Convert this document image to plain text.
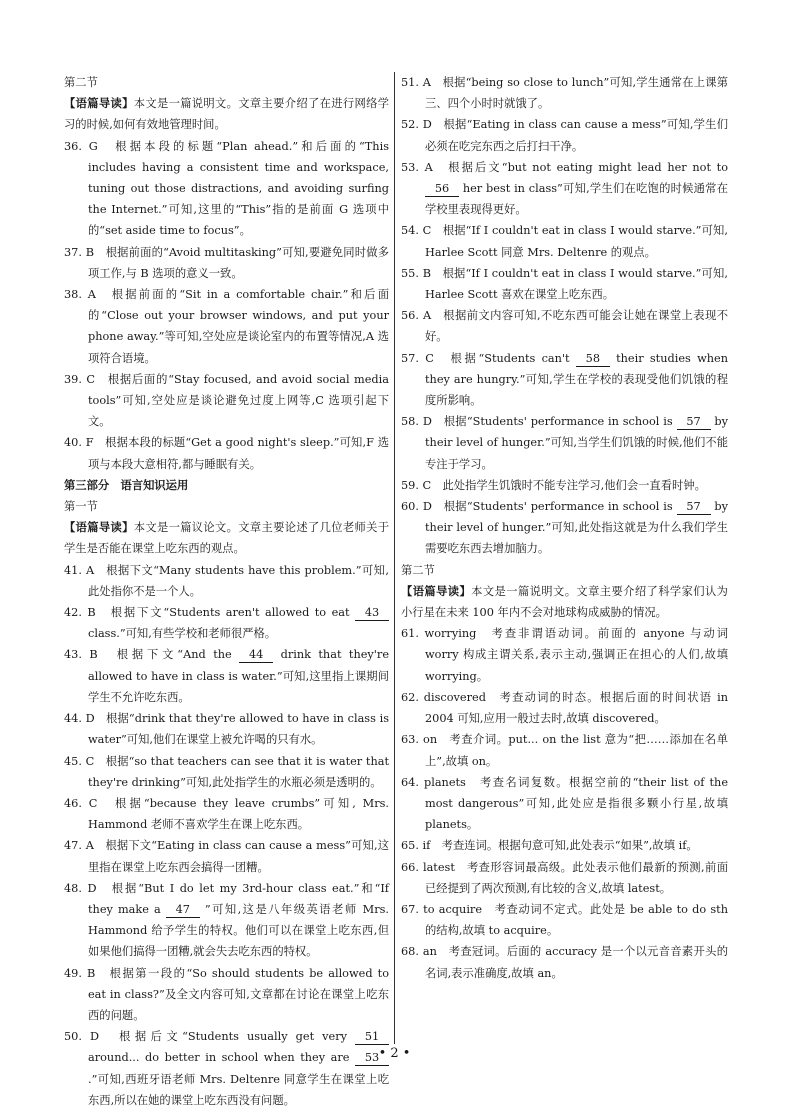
第二节

【语篇导读】本文是一篇说明文。文章主要介绍了在进行网络学习的时候,如何有效地管理时间。

36. G　根据本段的标题“Plan ahead.”和后面的“This includes having a consistent time and workspace, tuning out those distractions, and avoiding surfing the Internet.”可知,这里的“This”指的是前面 G 选项中的“set aside time to focus”。

37. B　根据前面的“Avoid multitasking”可知,要避免同时做多项工作,与 B 选项的意义一致。

38. A　根据前面的“Sit in a comfortable chair.”和后面的“Close out your browser windows, and put your phone away.”等可知,空处应是谈论室内的布置等情况,A 选项符合语境。

39. C　根据后面的“Stay focused, and avoid social media tools”可知,空处应是谈论避免过度上网等,C 选项引起下文。

40. F　根据本段的标题“Get a good night's sleep.”可知,F 选项与本段大意相符,都与睡眠有关。

第三部分　语言知识运用

第一节

【语篇导读】本文是一篇议论文。文章主要论述了几位老师关于学生是否能在课堂上吃东西的观点。

41. A　根据下文“Many students have this problem.”可知,此处指你不是一个人。

42. B　根据下文“Students aren't allowed to eat 43 class.”可知,有些学校和老师很严格。

43. B　根据下文“And the 44 drink that they're allowed to have in class is water.”可知,这里指上课期间学生不允许吃东西。

44. D　根据“drink that they're allowed to have in class is water”可知,他们在课堂上被允许喝的只有水。

45. C　根据“so that teachers can see that it is water that they're drinking”可知,此处指学生的水瓶必须是透明的。

46. C　根据“because they leave crumbs”可知, Mrs. Hammond 老师不喜欢学生在课上吃东西。

47. A　根据下文“Eating in class can cause a mess”可知,这里指在课堂上吃东西会搞得一团糟。

48. D　根据“But I do let my 3rd-hour class eat.”和“If they make a 47 ”可知,这是八年级英语老师 Mrs. Hammond 给予学生的特权。他们可以在课堂上吃东西,但如果他们搞得一团糟,就会失去吃东西的特权。

49. B　根据第一段的“So should students be allowed to eat in class?”及全文内容可知,文章都在讨论在课堂上吃东西的问题。

50. D　根据后文“Students usually get very 51 around... do better in school when they are 53.”可知,西班牙语老师 Mrs. Deltenre 同意学生在课堂上吃东西,所以在她的课堂上吃东西没有问题。

51. A　根据“being so close to lunch”可知,学生通常在上课第三、四个小时时就饿了。

52. D　根据“Eating in class can cause a mess”可知,学生们必须在吃完东西之后打扫干净。

53. A　根据后文“but not eating might lead her not to 56 her best in class”可知,学生们在吃饱的时候通常在学校里表现得更好。

54. C　根据“If I couldn't eat in class I would starve.”可知, Harlee Scott 同意 Mrs. Deltenre 的观点。

55. B　根据“If I couldn't eat in class I would starve.”可知, Harlee Scott 喜欢在课堂上吃东西。

56. A　根据前文内容可知,不吃东西可能会让她在课堂上表现不好。

57. C　根据“Students can't 58 their studies when they are hungry.”可知,学生在学校的表现受他们饥饿的程度所影响。

58. D　根据“Students' performance in school is 57 by their level of hunger.”可知,当学生们饥饿的时候,他们不能专注于学习。

59. C　此处指学生饥饿时不能专注学习,他们会一直看时钟。

60. D　根据“Students' performance in school is 57 by their level of hunger.”可知,此处指这就是为什么我们学生需要吃东西去增加脑力。

第二节

【语篇导读】本文是一篇说明文。文章主要介绍了科学家们认为小行星在未来 100 年内不会对地球构成威胁的情况。

61. worrying　考查非谓语动词。前面的 anyone 与动词 worry 构成主谓关系,表示主动,强调正在担心的人们,故填 worrying。

62. discovered　考查动词的时态。根据后面的时间状语 in 2004 可知,应用一般过去时,故填 discovered。

63. on　考查介词。put... on the list 意为“把……添加在名单上”,故填 on。

64. planets　考查名词复数。根据空前的“their list of the most dangerous”可知,此处应是指很多颗小行星,故填 planets。

65. if　考查连词。根据句意可知,此处表示“如果”,故填 if。

66. latest　考查形容词最高级。此处表示他们最新的预测,前面已经提到了两次预测,有比较的含义,故填 latest。

67. to acquire　考查动词不定式。此处是 be able to do sth 的结构,故填 to acquire。

68. an　考查冠词。后面的 accuracy 是一个以元音音素开头的名词,表示准确度,故填 an。

• 2 •
